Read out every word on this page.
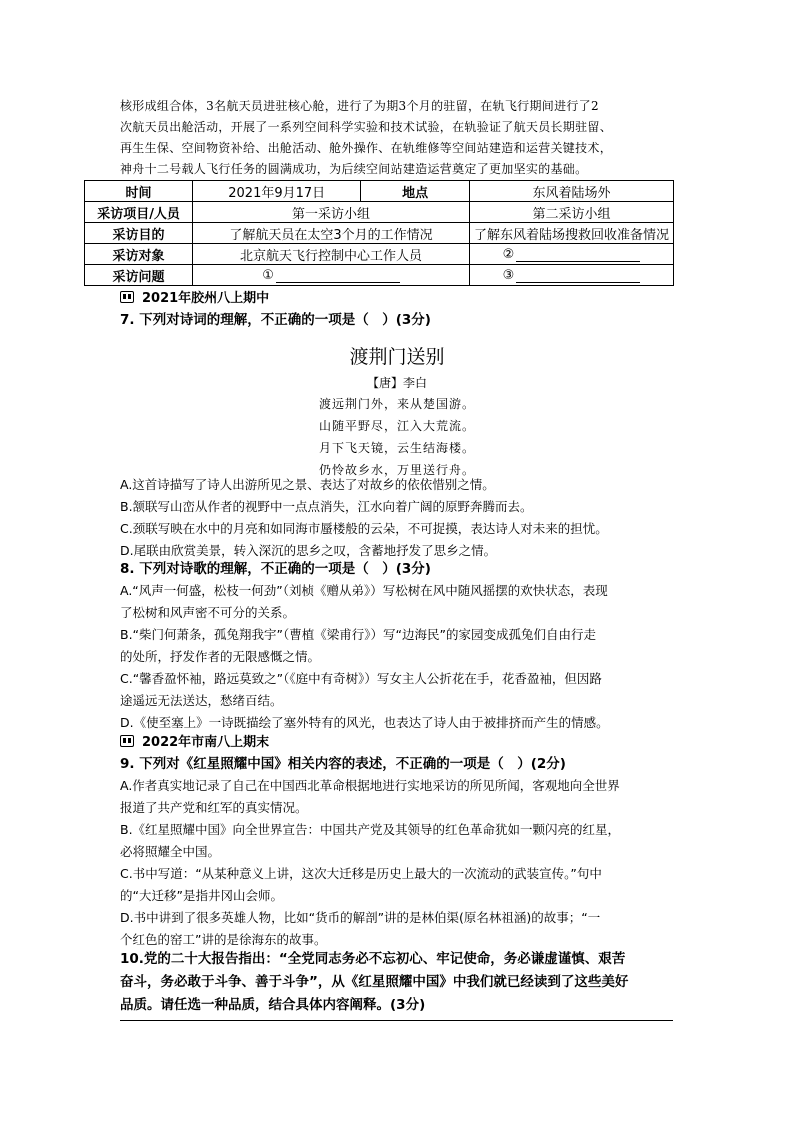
核形成组合体，3名航天员进驻核心舱，进行了为期3个月的驻留，在轨飞行期间进行了2

次航天员出舱活动，开展了一系列空间科学实验和技术试验，在轨验证了航天员长期驻留、

再生生保、空间物资补给、出舱活动、舱外操作、在轨维修等空间站建造和运营关键技术，

神舟十二号载人飞行任务的圆满成功，为后续空间站建造运营奠定了更加坚实的基础。

时间	2021年9月17日	地点	东风着陆场外
采访项目/人员	第一采访小组		第二采访小组
采访目的	了解航天员在太空3个月的工作情况		了解东风着陆场搜救回收准备情况
采访对象	北京航天飞行控制中心工作人员		②
采访问题	①		③
2021年胶州八上期中
7. 下列对诗词的理解，不正确的一项是（　）(3分)
渡荆门送别
【唐】李白
渡远荆门外，来从楚国游。
山随平野尽，江入大荒流。
月下飞天镜，云生结海楼。
仍怜故乡水，万里送行舟。
A.这首诗描写了诗人出游所见之景、表达了对故乡的依依惜别之情。
B.颔联写山峦从作者的视野中一点点消失，江水向着广阔的原野奔腾而去。
C.颈联写映在水中的月亮和如同海市蜃楼般的云朵，不可捉摸，表达诗人对未来的担忧。
D.尾联由欣赏美景，转入深沉的思乡之叹，含蓄地抒发了思乡之情。
8. 下列对诗歌的理解，不正确的一项是（　）(3分)
A.“风声一何盛，松枝一何劲”（刘桢《赠从弟》）写松树在风中随风摇摆的欢快状态，表现
了松树和风声密不可分的关系。
B.“柴门何萧条，孤兔翔我宇”（曹植《梁甫行》）写“边海民”的家园变成孤兔们自由行走
的处所，抒发作者的无限感慨之情。
C.“馨香盈怀袖，路远莫致之”（《庭中有奇树》）写女主人公折花在手，花香盈袖，但因路
途遥远无法送达，愁绪百结。
D.《使至塞上》一诗既描绘了塞外特有的风光，也表达了诗人由于被排挤而产生的情感。
2022年市南八上期末
9. 下列对《红星照耀中国》相关内容的表述，不正确的一项是（　）(2分)
A.作者真实地记录了自己在中国西北革命根据地进行实地采访的所见所闻，客观地向全世界
报道了共产党和红军的真实情况。
B.《红星照耀中国》向全世界宣告：中国共产党及其领导的红色革命犹如一颗闪亮的红星，
必将照耀全中国。
C.书中写道：“从某种意义上讲，这次大迁移是历史上最大的一次流动的武装宣传。”句中
的“大迁移”是指井冈山会师。
D.书中讲到了很多英雄人物，比如“货币的解剖”讲的是林伯渠(原名林祖涵)的故事；“一
个红色的窑工”讲的是徐海东的故事。
10.党的二十大报告指出：“全党同志务必不忘初心、牢记使命，务必谦虚谨慎、艰苦
奋斗，务必敢于斗争、善于斗争”，从《红星照耀中国》中我们就已经读到了这些美好
品质。请任选一种品质，结合具体内容阐释。(3分)
